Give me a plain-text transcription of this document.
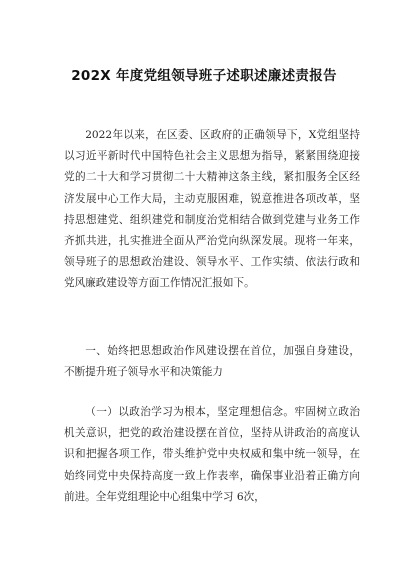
202X 年度党组领导班子述职述廉述责报告

2022年以来，在区委、区政府的正确领导下，X党组坚持以习近平新时代中国特色社会主义思想为指导，紧紧围绕迎接党的二十大和学习贯彻二十大精神这条主线，紧扣服务全区经济发展中心工作大局，主动克服困难，锐意推进各项改革，坚持思想建党、组织建党和制度治党相结合做到党建与业务工作齐抓共进，扎实推进全面从严治党向纵深发展。现将一年来，领导班子的思想政治建设、领导水平、工作实绩、依法行政和党风廉政建设等方面工作情况汇报如下。

一、始终把思想政治作风建设摆在首位，加强自身建设，不断提升班子领导水平和决策能力

（一）以政治学习为根本，坚定理想信念。牢固树立政治机关意识，把党的政治建设摆在首位，坚持从讲政治的高度认识和把握各项工作，带头维护党中央权威和集中统一领导，在始终同党中央保持高度一致上作表率，确保事业沿着正确方向前进。全年党组理论中心组集中学习 6次，
